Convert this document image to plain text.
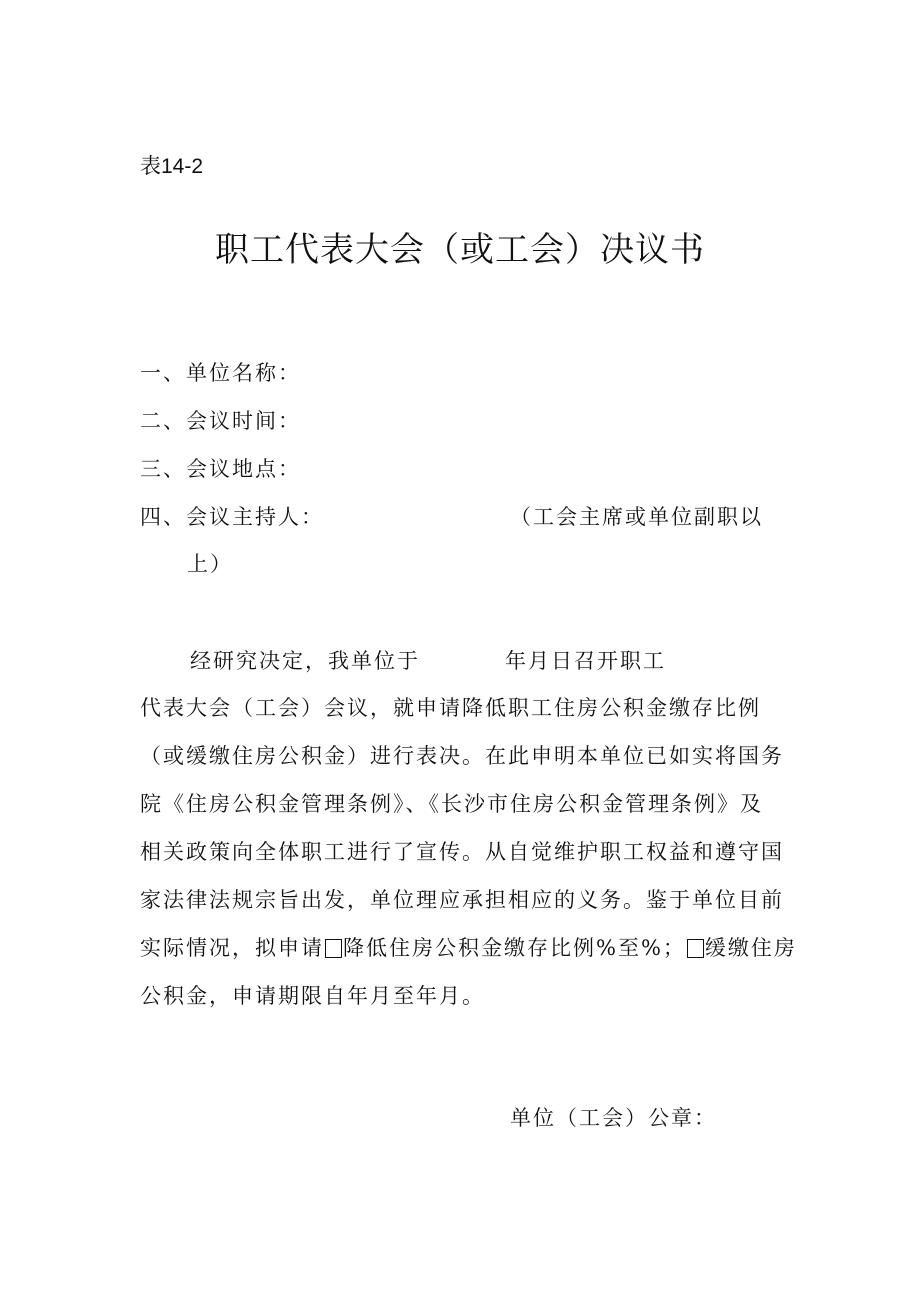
表14-2
职工代表大会（或工会）决议书
一、单位名称：
二、会议时间：
三、会议地点：
四、会议主持人：	（工会主席或单位副职以
上）
经研究决定，我单位于	年月日召开职工
代表大会（工会）会议，就申请降低职工住房公积金缴存比例
（或缓缴住房公积金）进行表决。在此申明本单位已如实将国务
院《住房公积金管理条例》、《长沙市住房公积金管理条例》及
相关政策向全体职工进行了宣传。从自觉维护职工权益和遵守国
家法律法规宗旨出发，单位理应承担相应的义务。鉴于单位目前
实际情况，拟申请 降低住房公积金缴存比例%至%； 缓缴住房
公积金，申请期限自年月至年月。
单位（工会）公章：
